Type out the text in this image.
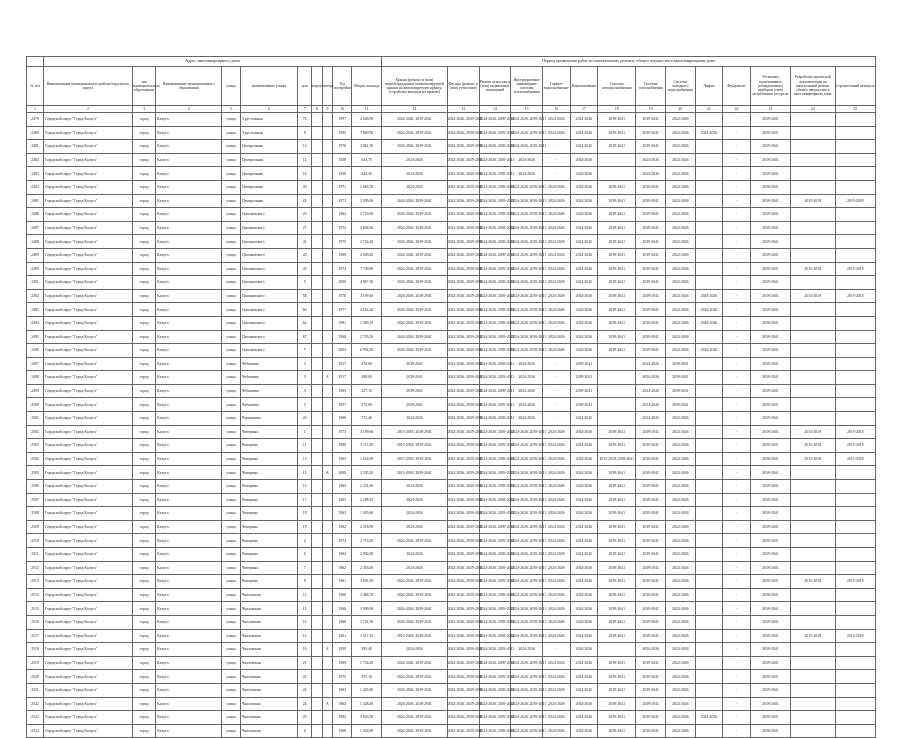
	Адрес многоквартирного дома										Период проведения работ по капитальному ремонту общего имущества в многоквартирном доме													
№ п/п	Наименование муниципального района/городского округа	тип муниципального образования	Наименование муниципального образования	улица	наименование улицы	дом	корпус	литера	Год постройки	Общая площадь	Крыша (ремонт и (или) переоборудование невентилируемой крыши на вентилируемую крышу, устройство выходов на кровлю)	Фасады (ремонт и (или) утепление)	Ремонт отмостки и (или) подвальных помещений	Внутридомовые инженерные системы теплоснабжения	Горячее водоснабжение	Канализование	Система электроснабжения	Система газоснабжения	Система холодного водоснабжения	Лифты	Фундамент	Установка коллективных (общедомовых) приборов учета потребления ресурсов	Разработка проектной документации на капитальный ремонт общего имущества в многоквартирном доме	Строительный контроль
1	2	3	4	5	6	7	8	9	10	11	12	13	14	15	16	17	18	19	20	21	22	23	24	25
2479	Городской округ "Город Калуга"	город	Калуга	улица	Хрустальная	74			1997	4 646,90	2024-2026, 2039-2041	2024-2026, 2039-2041	2024-2026, 2039-2041	2024-2026, 2039-2041	2024-2026	2024-2026	2039-2041	2039-2041	2024-2026		-	2039-2041		
2480	Городской округ "Город Калуга"	город	Калуга	улица	Хрустальная	8			1995	7 860,50	2024-2026, 2039-2041	2024-2026, 2039-2041	2024-2026, 2039-2041	2024-2026, 2039-2041	2024-2026	2024-2026	2039-2041	2039-2041	2024-2026	2024-2026	-	2039-2041		
2481	Городской округ "Город Калуга"	город	Калуга	улица	Центральная	13			1976	3 861,50	2024-2026, 2039-2041	2024-2026, 2039-2041	2024-2026, 2039-2041	2024-2026, 2039-2041	-	2024-2026	2039-2041	2039-2041	2024-2026		-	2039-2041		
2482	Городской округ "Город Калуга"	город	Калуга	улица	Центральная	14			1958	641,70	2024-2026	2024-2026, 2039-2041	2024-2026, 2039-2041	2024-2026	-	2024-2026		2024-2026	2024-2026		-	2039-2041		
2483	Городской округ "Город Калуга"	город	Калуга	улица	Центральная	16			1958	642,30	2024-2026	2024-2026, 2039-2041	2024-2026, 2039-2041	2024-2026	-	2024-2026		2024-2026	2024-2026		-	2039-2041		
2484	Городской округ "Город Калуга"	город	Калуга	улица	Центральная	20			1971	1 663,50	2024-2026	2024-2026, 2039-2041	2024-2026, 2039-2041	2024-2026, 2039-2041	2024-2026	2024-2026	2039-2041	2039-2041	2024-2026		-	2039-2041		
2485	Городской округ "Город Калуга"	город	Калуга	улица	Центральная	22			1973	3 295,00	2024-2026, 2039-2041	2024-2026, 2039-2041	2024-2026, 2039-2041	2024-2026, 2039-2041	2024-2026	2024-2026	2039-2041	2039-2041	2024-2026		-	2039-2041	2015-2018	2015-2018
2486	Городской округ "Город Калуга"	город	Калуга	улица	Циолковского	23			1962	2 720,00	2024-2026, 2039-2041	2024-2026, 2039-2041	2024-2026, 2039-2041	2024-2026, 2039-2041	2024-2026	2024-2026	2039-2041	2039-2041	2024-2026		-	2039-2041		
2487	Городской округ "Город Калуга"	город	Калуга	улица	Циолковского	27			1972	2 004,60	2024-2026, 2039-2041	2024-2026, 2039-2041	2024-2026, 2039-2041	2024-2026, 2039-2041	2024-2026	2024-2026	2039-2041	2039-2041	2024-2026		-	2039-2041		
2488	Городской округ "Город Калуга"	город	Калуга	улица	Циолковского	41			1975	2 722,40	2024-2026, 2039-2041	2024-2026, 2039-2041	2024-2026, 2039-2041	2024-2026, 2039-2041	2024-2026	2024-2026	2039-2041	2039-2041	2024-2026		-	2039-2041		
2489	Городской округ "Город Калуга"	город	Калуга	улица	Циолковского	43			1968	4 849,20	2024-2026, 2039-2041	2024-2026, 2039-2041	2024-2026, 2039-2041	2024-2026, 2039-2041	2024-2026	2024-2026	2039-2041	2039-2041	2024-2026		-	2039-2041		
2490	Городской округ "Город Калуга"	город	Калуга	улица	Циолковского	45			1974	7 740,90	2024-2026, 2039-2041	2024-2026, 2039-2041	2024-2026, 2039-2041	2024-2026, 2039-2041	2024-2026	2024-2026	2039-2041	2039-2041	2024-2026		-	2039-2041	2015-2018	2015-2018
2491	Городской округ "Город Калуга"	город	Калуга	улица	Циолковского	5			2006	4 967,30	2024-2026, 2039-2041	2024-2026, 2039-2041	2024-2026, 2039-2041	2024-2026, 2039-2041	2024-2026	2024-2026	2039-2041	2039-2041	2024-2026		-	2039-2041		
2492	Городской округ "Город Калуга"	город	Калуга	улица	Циолковского	58			1976	4 199,40	2024-2026, 2039-2041	2024-2026, 2039-2041	2024-2026, 2039-2041	2024-2026, 2039-2041	2024-2026	2024-2026	2039-2041	2039-2041	2024-2026	2024-2026	-	2039-2041	2015-2018	2015-2018
2493	Городской округ "Город Калуга"	город	Калуга	улица	Циолковского	60			1977	4 054,20	2024-2026, 2039-2041	2024-2026, 2039-2041	2024-2026, 2039-2041	2024-2026, 2039-2041	2024-2026	2024-2026	2039-2041	2039-2041	2024-2026	2024-2026	-	2039-2041		
2494	Городской округ "Город Калуга"	город	Калуга	улица	Циолковского	62			1981	3 380,10	2024-2026, 2039-2041	2024-2026, 2039-2041	2024-2026, 2039-2041	2024-2026, 2039-2041	2024-2026	2024-2026	2039-2041	2039-2041	2024-2026	2024-2026	-	2039-2041		
2495	Городской округ "Город Калуга"	город	Калуга	улица	Циолковского	67			1966	2 733,50	2024-2026, 2039-2041	2024-2026, 2039-2041	2024-2026, 2039-2041	2024-2026, 2039-2041	2024-2026	2024-2026	2039-2041	2039-2041	2024-2026		-	2039-2041		
2496	Городской округ "Город Калуга"	город	Калуга	улица	Циолковского	7			2004	6 992,30	2024-2026, 2039-2041	2024-2026, 2039-2041	2024-2026, 2039-2041	2024-2026, 2039-2041	2024-2026	2024-2026	2039-2041	2039-2041	2024-2026	2024-2026	-	2039-2041		
2497	Городской округ "Город Калуга"	город	Калуга	улица	Чебышева	3			1917	470,60	2039-2041	2024-2026, 2039-2041	2024-2026, 2039-2041	2024-2026	-	2039-2041		2024-2026	2039-2041		-	2039-2041		
2498	Городской округ "Город Калуга"	город	Калуга	улица	Чебышева	3		А	1917	288,00	2039-2041	2024-2026, 2039-2041	2024-2026, 2039-2041	2024-2026	-	2039-2041		2024-2026	2039-2041		-	2039-2041		
2499	Городской округ "Город Калуга"	город	Калуга	улица	Чебышева	4			1963	227,10	2039-2041	2024-2026, 2039-2041	2024-2026, 2039-2041	2024-2026	-	2039-2041		2024-2026	2039-2041		-	2039-2041		
2500	Городской округ "Город Калуга"	город	Калуга	улица	Чебышева	5			1957	275,00	2039-2041	2024-2026, 2039-2041	2024-2026, 2039-2041	2024-2026	-	2039-2041		2024-2026	2039-2041		-	2039-2041		
2501	Городской округ "Город Калуга"	город	Калуга	улица	Чернышева	26			1966	772,40	2024-2026	2024-2026, 2039-2041	2024-2026, 2039-2041	2024-2026	-	2024-2026		2024-2026	2024-2026		-	2039-2041		
2502	Городской округ "Город Калуга"	город	Калуга	улица	Чичерина	1			1973	3 199,60	2015-2018, 2039-2041	2024-2026, 2039-2041	2024-2026, 2039-2041	2024-2026, 2039-2041	2024-2026	2024-2026	2039-2041	2039-2041	2024-2026		-	2039-2041	2015-2018	2015-2018
2503	Городской округ "Город Калуга"	город	Калуга	улица	Чичерина	11			1980	3 111,00	2015-2018, 2039-2041	2024-2026, 2039-2041	2024-2026, 2039-2041	2024-2026, 2039-2041	2024-2026	2024-2026	2039-2041	2039-2041	2024-2026		-	2039-2041	2015-2018	2015-2018
2504	Городской округ "Город Калуга"	город	Калуга	улица	Чичерина	13			1963	1 624,00	2015-2018, 2039-2041	2024-2026, 2039-2041	2024-2026, 2039-2041	2024-2026, 2039-2041	2024-2026	2024-2026	2015-2018, 2039-2041	2039-2041	2024-2026		-	2039-2041	2015-2018	2015-2018
2505	Городской округ "Город Калуга"	город	Калуга	улица	Чичерина	13		А	2000	2 335,20	2015-2018, 2039-2041	2024-2026, 2039-2041	2024-2026, 2039-2041	2024-2026, 2039-2041	2024-2026	2024-2026	2039-2041	2039-2041	2024-2026		-	2039-2041		
2506	Городской округ "Город Калуга"	город	Калуга	улица	Чичерина	15			1965	2 331,60	2024-2026	2024-2026, 2039-2041	2024-2026, 2039-2041	2024-2026, 2039-2041	2024-2026	2024-2026	2039-2041	2039-2041	2024-2026		-	2039-2041		
2507	Городской округ "Город Калуга"	город	Калуга	улица	Чичерина	17			1963	2 288,10	2024-2026	2024-2026, 2039-2041	2024-2026, 2039-2041	2024-2026, 2039-2041	2024-2026	2024-2026	2039-2041	2039-2041	2024-2026		-	2039-2041		
2508	Городской округ "Город Калуга"	город	Калуга	улица	Чичерина	18			1963	1 405,60	2024-2026	2024-2026, 2039-2041	2024-2026, 2039-2041	2024-2026, 2039-2041	2024-2026	2024-2026	2039-2041	2039-2041	2024-2026		-	2039-2041		
2509	Городской округ "Город Калуга"	город	Калуга	улица	Чичерина	19			1962	2 316,90	2024-2026	2024-2026, 2039-2041	2024-2026, 2039-2041	2024-2026, 2039-2041	2024-2026	2024-2026	2039-2041	2039-2041	2024-2026		-	2039-2041		
2510	Городской округ "Город Калуга"	город	Калуга	улица	Чичерина	2			1974	2 716,20	2024-2026, 2039-2041	2024-2026, 2039-2041	2024-2026, 2039-2041	2024-2026, 2039-2041	2024-2026	2024-2026	2039-2041	2039-2041	2024-2026		-	2039-2041		
2511	Городской округ "Город Калуга"	город	Калуга	улица	Чичерина	6			1962	2 992,00	2024-2026	2024-2026, 2039-2041	2024-2026, 2039-2041	2024-2026, 2039-2041	2024-2026	2024-2026	2039-2041	2039-2041	2024-2026		-	2039-2041		
2512	Городской округ "Город Калуга"	город	Калуга	улица	Чичерина	7			1962	2 353,00	2024-2026	2024-2026, 2039-2041	2024-2026, 2039-2041	2024-2026, 2039-2041	2024-2026	2024-2026	2039-2041	2039-2041	2024-2026		-	2039-2041		
2513	Городской округ "Город Калуга"	город	Калуга	улица	Чичерина	8			1961	3 001,00	2024-2026, 2039-2041	2024-2026, 2039-2041	2024-2026, 2039-2041	2024-2026, 2039-2041	2024-2026	2024-2026	2039-2041	2039-2041	2024-2026		-	2039-2041	2015-2018	2015-2018
2514	Городской округ "Город Калуга"	город	Калуга	улица	Чкаловская	12			1966	3 466,70	2024-2026, 2039-2041	2024-2026, 2039-2041	2024-2026, 2039-2041	2024-2026, 2039-2041	2024-2026	2024-2026	2039-2041	2039-2041	2024-2026		-	2039-2041		
2515	Городской округ "Город Калуга"	город	Калуга	улица	Чкаловская	13			1966	3 399,00	2024-2026, 2039-2041	2024-2026, 2039-2041	2024-2026, 2039-2041	2024-2026, 2039-2041	2024-2026	2024-2026	2039-2041	2039-2041	2024-2026		-	2039-2041		
2516	Городской округ "Город Калуга"	город	Калуга	улица	Чкаловская	14			1966	3 741,50	2024-2026, 2039-2041	2024-2026, 2039-2041	2024-2026, 2039-2041	2024-2026, 2039-2041	2024-2026	2024-2026	2039-2041	2039-2041	2024-2026		-	2039-2041		
2517	Городской округ "Город Калуга"	город	Калуга	улица	Чкаловская	15			1961	1 517,10	2015-2018, 2039-2041	2024-2026, 2039-2041	2024-2026, 2039-2041	2024-2026, 2039-2041	2024-2026	2024-2026	2039-2041	2039-2041	2024-2026		-	2039-2041	2015-2018	2015-2018
2518	Городской округ "Город Калуга"	город	Калуга	улица	Чкаловская	16		Б	1959	395,40	2024-2026	2024-2026, 2039-2041	2024-2026, 2039-2041	2024-2026	-	2024-2026		2024-2026	2024-2026		-	2039-2041		
2519	Городской округ "Город Калуга"	город	Калуга	улица	Чкаловская	21			1969	1 734,20	2024-2026, 2039-2041	2024-2026, 2039-2041	2024-2026, 2039-2041	2024-2026, 2039-2041	2024-2026	2024-2026	2039-2041	2039-2041	2024-2026		-	2039-2041		
2520	Городской округ "Город Калуга"	город	Калуга	улица	Чкаловская	22			1975	937,10	2024-2026, 2039-2041	2024-2026, 2039-2041	2024-2026, 2039-2041	2024-2026, 2039-2041	2024-2026	2024-2026	2039-2041	2039-2041	2024-2026		-	2039-2041		
2521	Городской округ "Город Калуга"	город	Калуга	улица	Чкаловская	24			1963	1 425,80	2024-2026, 2039-2041	2024-2026, 2039-2041	2024-2026, 2039-2041	2024-2026, 2039-2041	2024-2026	2024-2026	2039-2041	2039-2041	2024-2026		-	2039-2041		
2522	Городской округ "Город Калуга"	город	Калуга	улица	Чкаловская	24		А	1964	1 428,40	2024-2026, 2039-2041	2024-2026, 2039-2041	2024-2026, 2039-2041	2024-2026, 2039-2041	2024-2026	2024-2026	2039-2041	2039-2041	2024-2026		-	2039-2041		
2523	Городской округ "Город Калуга"	город	Калуга	улица	Чкаловская	25			1982	5 826,50	2024-2026, 2039-2041	2024-2026, 2039-2041	2024-2026, 2039-2041	2024-2026, 2039-2041	2024-2026	2024-2026	2039-2041	2039-2041	2024-2026	2024-2026	-	2039-2041		
2524	Городской округ "Город Калуга"	город	Калуга	улица	Чкаловская	6			1968	1 434,90	2024-2026, 2039-2041	2024-2026, 2039-2041	2024-2026, 2039-2041	2024-2026, 2039-2041	2024-2026	2024-2026	2039-2041	2039-2041	2024-2026		-	2039-2041		
